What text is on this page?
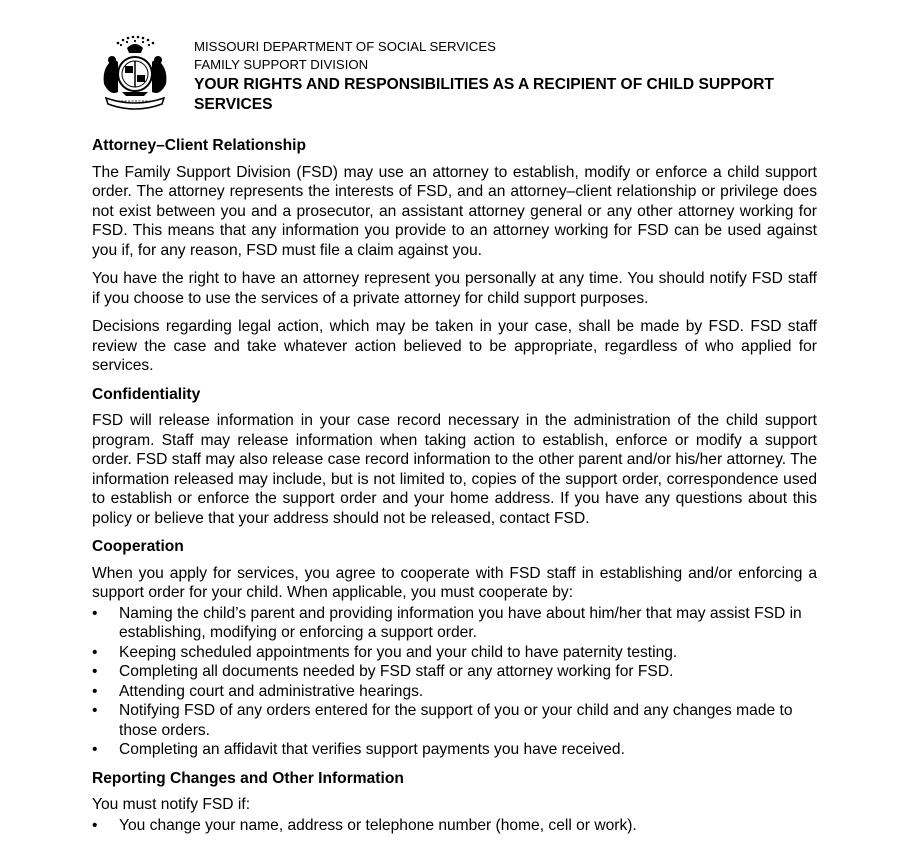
MISSOURI DEPARTMENT OF SOCIAL SERVICES
FAMILY SUPPORT DIVISION
YOUR RIGHTS AND RESPONSIBILITIES AS A RECIPIENT OF CHILD SUPPORT SERVICES
Attorney–Client Relationship

The Family Support Division (FSD) may use an attorney to establish, modify or enforce a child support order. The attorney represents the interests of FSD, and an attorney–client relationship or privilege does not exist between you and a prosecutor, an assistant attorney general or any other attorney working for FSD. This means that any information you provide to an attorney working for FSD can be used against you if, for any reason, FSD must file a claim against you.

You have the right to have an attorney represent you personally at any time. You should notify FSD staff if you choose to use the services of a private attorney for child support purposes.

Decisions regarding legal action, which may be taken in your case, shall be made by FSD. FSD staff review the case and take whatever action believed to be appropriate, regardless of who applied for services.

Confidentiality

FSD will release information in your case record necessary in the administration of the child support program. Staff may release information when taking action to establish, enforce or modify a support order. FSD staff may also release case record information to the other parent and/or his/her attorney. The information released may include, but is not limited to, copies of the support order, correspondence used to establish or enforce the support order and your home address. If you have any questions about this policy or believe that your address should not be released, contact FSD.

Cooperation

When you apply for services, you agree to cooperate with FSD staff in establishing and/or enforcing a support order for your child. When applicable, you must cooperate by:

• Naming the child’s parent and providing information you have about him/her that may assist FSD in establishing, modifying or enforcing a support order.
• Keeping scheduled appointments for you and your child to have paternity testing.
• Completing all documents needed by FSD staff or any attorney working for FSD.
• Attending court and administrative hearings.
• Notifying FSD of any orders entered for the support of you or your child and any changes made to those orders.
• Completing an affidavit that verifies support payments you have received.
Reporting Changes and Other Information

You must notify FSD if:

• You change your name, address or telephone number (home, cell or work).
